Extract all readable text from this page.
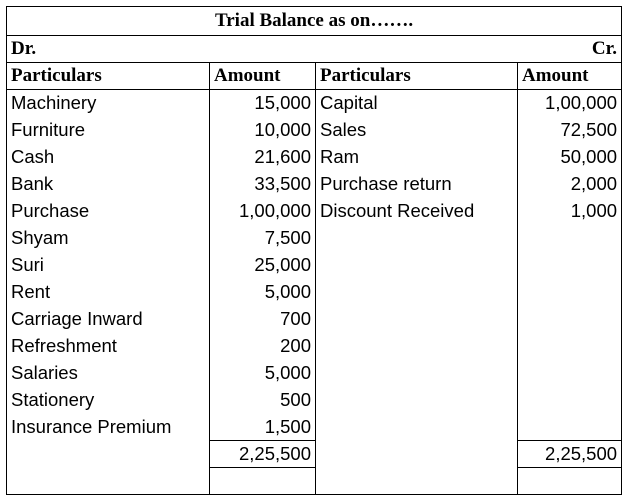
Trial Balance as on…….			
Dr.		Cr.	
Particulars	Amount	Particulars	Amount
Machinery	15,000	Capital	1,00,000
Furniture	10,000	Sales	72,500
Cash	21,600	Ram	50,000
Bank	33,500	Purchase return	2,000
Purchase	1,00,000	Discount Received	1,000
Shyam	7,500		
Suri	25,000		
Rent	5,000		
Carriage Inward	700		
Refreshment	200		
Salaries	5,000		
Stationery	500		
Insurance Premium	1,500		
	2,25,500		2,25,500
